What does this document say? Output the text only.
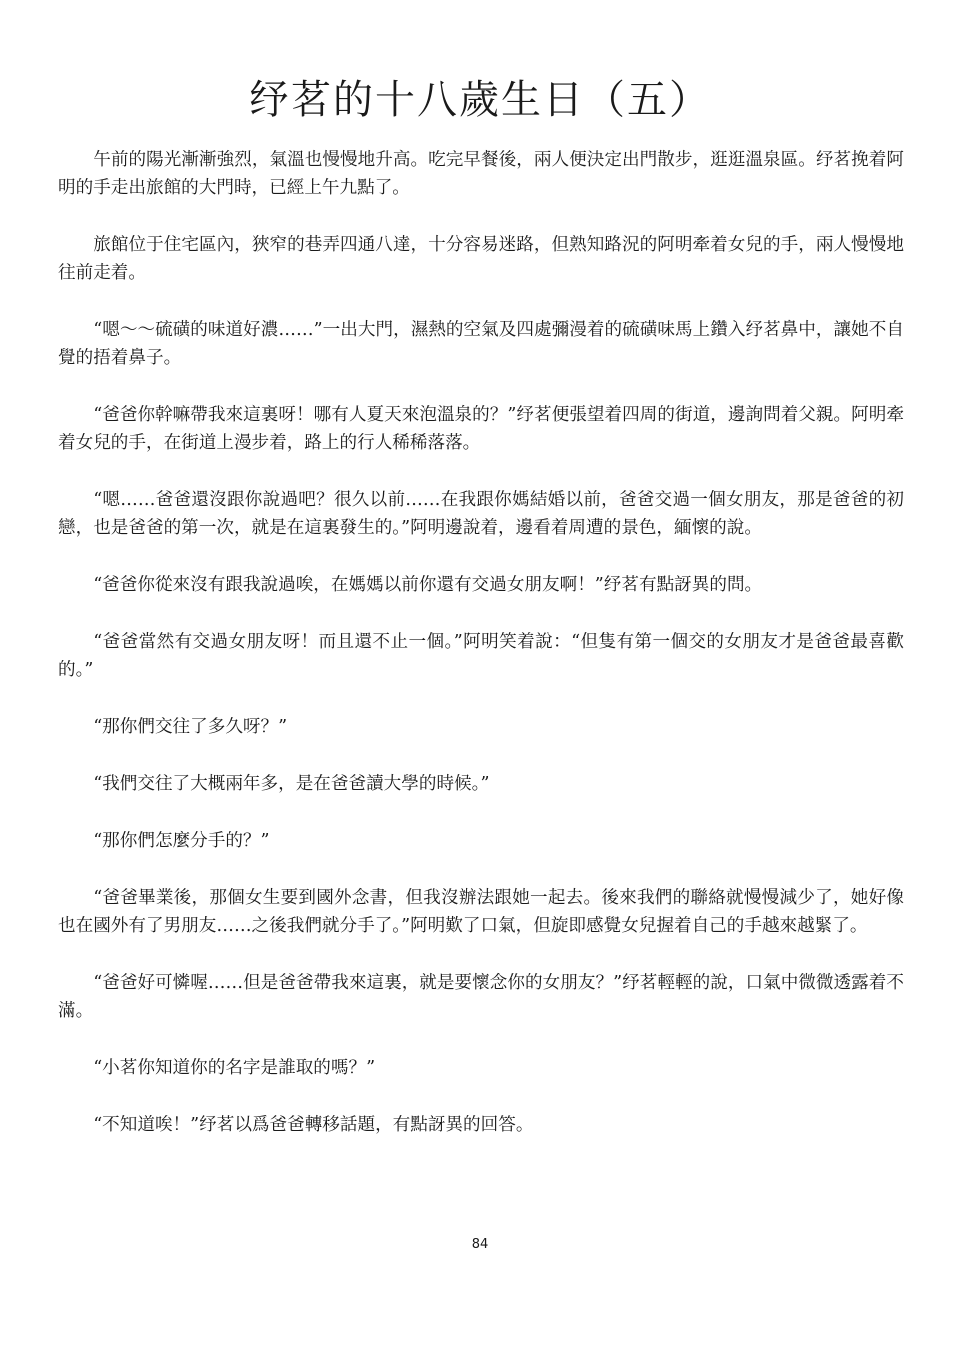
纾茗的十八歲生日（五）

午前的陽光漸漸強烈，氣溫也慢慢地升高。吃完早餐後，兩人便決定出門散步，逛逛溫泉區。纾茗挽着阿明的手走出旅館的大門時，已經上午九點了。

旅館位于住宅區內，狹窄的巷弄四通八達，十分容易迷路，但熟知路況的阿明牽着女兒的手，兩人慢慢地往前走着。

“嗯～～硫磺的味道好濃……”一出大門，濕熱的空氣及四處彌漫着的硫磺味馬上鑽入纾茗鼻中，讓她不自覺的捂着鼻子。

“爸爸你幹嘛帶我來這裏呀！哪有人夏天來泡溫泉的？”纾茗便張望着四周的街道，邊詢問着父親。阿明牽着女兒的手，在街道上漫步着，路上的行人稀稀落落。

“嗯……爸爸還沒跟你說過吧？很久以前……在我跟你媽結婚以前，爸爸交過一個女朋友，那是爸爸的初戀，也是爸爸的第一次，就是在這裏發生的。”阿明邊說着，邊看着周遭的景色，緬懷的說。

“爸爸你從來沒有跟我說過唉，在媽媽以前你還有交過女朋友啊！”纾茗有點訝異的問。

“爸爸當然有交過女朋友呀！而且還不止一個。”阿明笑着說：“但隻有第一個交的女朋友才是爸爸最喜歡的。”

“那你們交往了多久呀？”

“我們交往了大概兩年多，是在爸爸讀大學的時候。”

“那你們怎麼分手的？”

“爸爸畢業後，那個女生要到國外念書，但我沒辦法跟她一起去。後來我們的聯絡就慢慢減少了，她好像也在國外有了男朋友……之後我們就分手了。”阿明歎了口氣，但旋即感覺女兒握着自己的手越來越緊了。

“爸爸好可憐喔……但是爸爸帶我來這裏，就是要懷念你的女朋友？”纾茗輕輕的說，口氣中微微透露着不滿。

“小茗你知道你的名字是誰取的嗎？”

“不知道唉！”纾茗以爲爸爸轉移話題，有點訝異的回答。

84
